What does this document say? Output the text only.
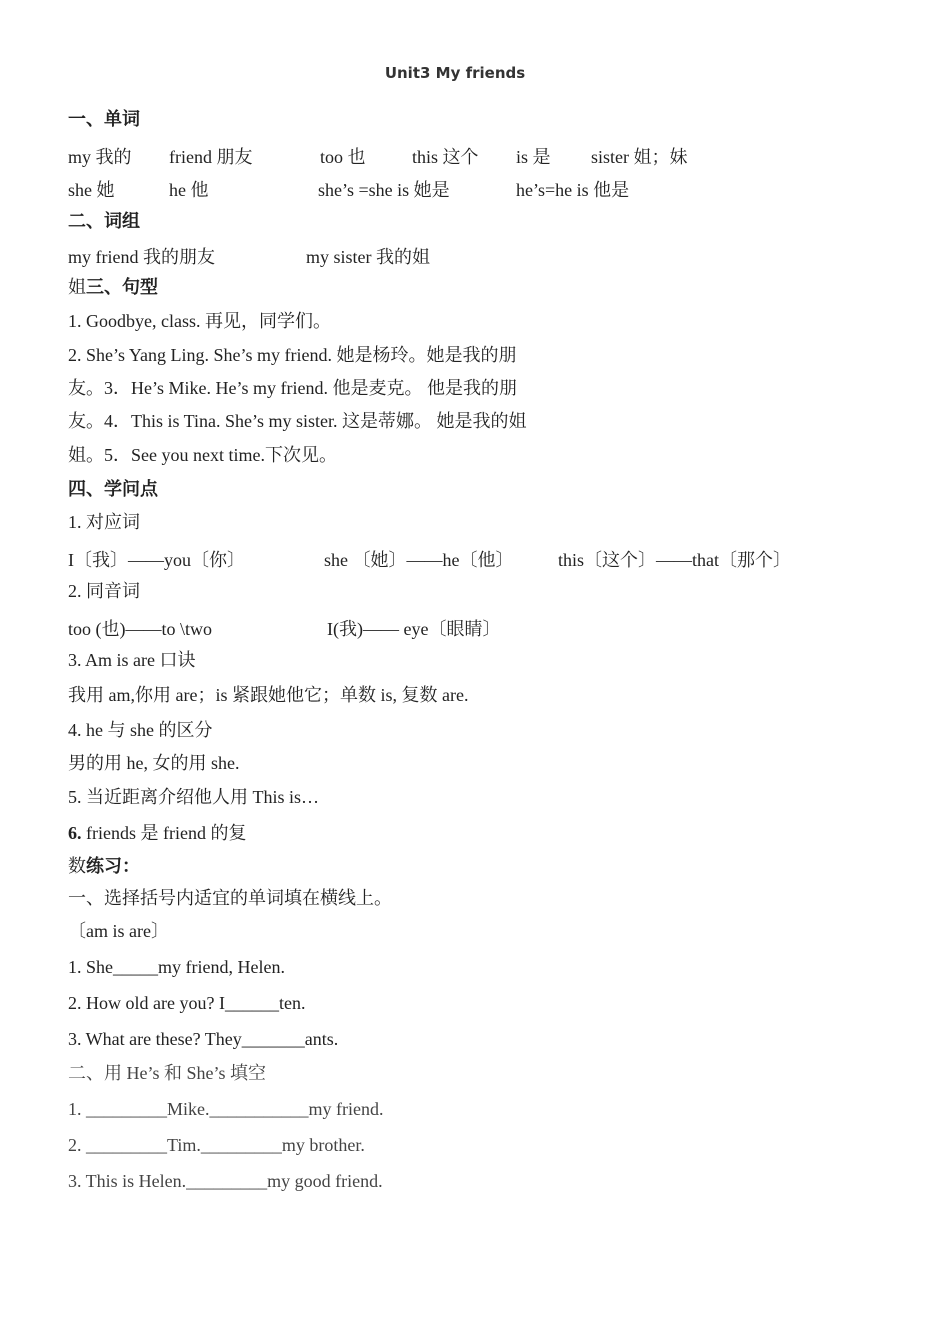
Unit3 My friends
一、单词
my 我的 friend 朋友	too 也	this 这个 is 是 sister 姐；妹
she 她	he 他	she’s =she is 她是	he’s=he is 他是
二、词组
my friend 我的朋友	my sister 我的姐
姐三、句型
1. Goodbye, class. 再见，同学们。
2. She’s Yang Ling. She’s my friend. 她是杨玲。她是我的朋
友。3．He’s Mike. He’s my friend. 他是麦克。 他是我的朋
友。4．This is Tina. She’s my sister. 这是蒂娜。 她是我的姐
姐。5．See you next time.下次见。
四、学问点
1. 对应词
I〔我〕——you〔你〕	she 〔她〕——he〔他〕 this〔这个〕——that〔那个〕
2. 同音词
too (也)——to \two	I(我)—— eye〔眼睛〕
3. Am is are 口诀
我用 am,你用 are；is 紧跟她他它；单数 is, 复数 are.
4. he 与 she 的区分
男的用 he, 女的用 she.
5. 当近距离介绍他人用 This is…
6. friends 是 friend 的复
数练习：
一、选择括号内适宜的单词填在横线上。
〔am is are〕
1. She_____my friend, Helen.
2. How old are you? I______ten.
3. What are these? They_______ants.
二、用 He’s 和 She’s 填空
1. _________Mike.___________my friend.
2. _________Tim._________my brother.
3. This is Helen._________my good friend.
